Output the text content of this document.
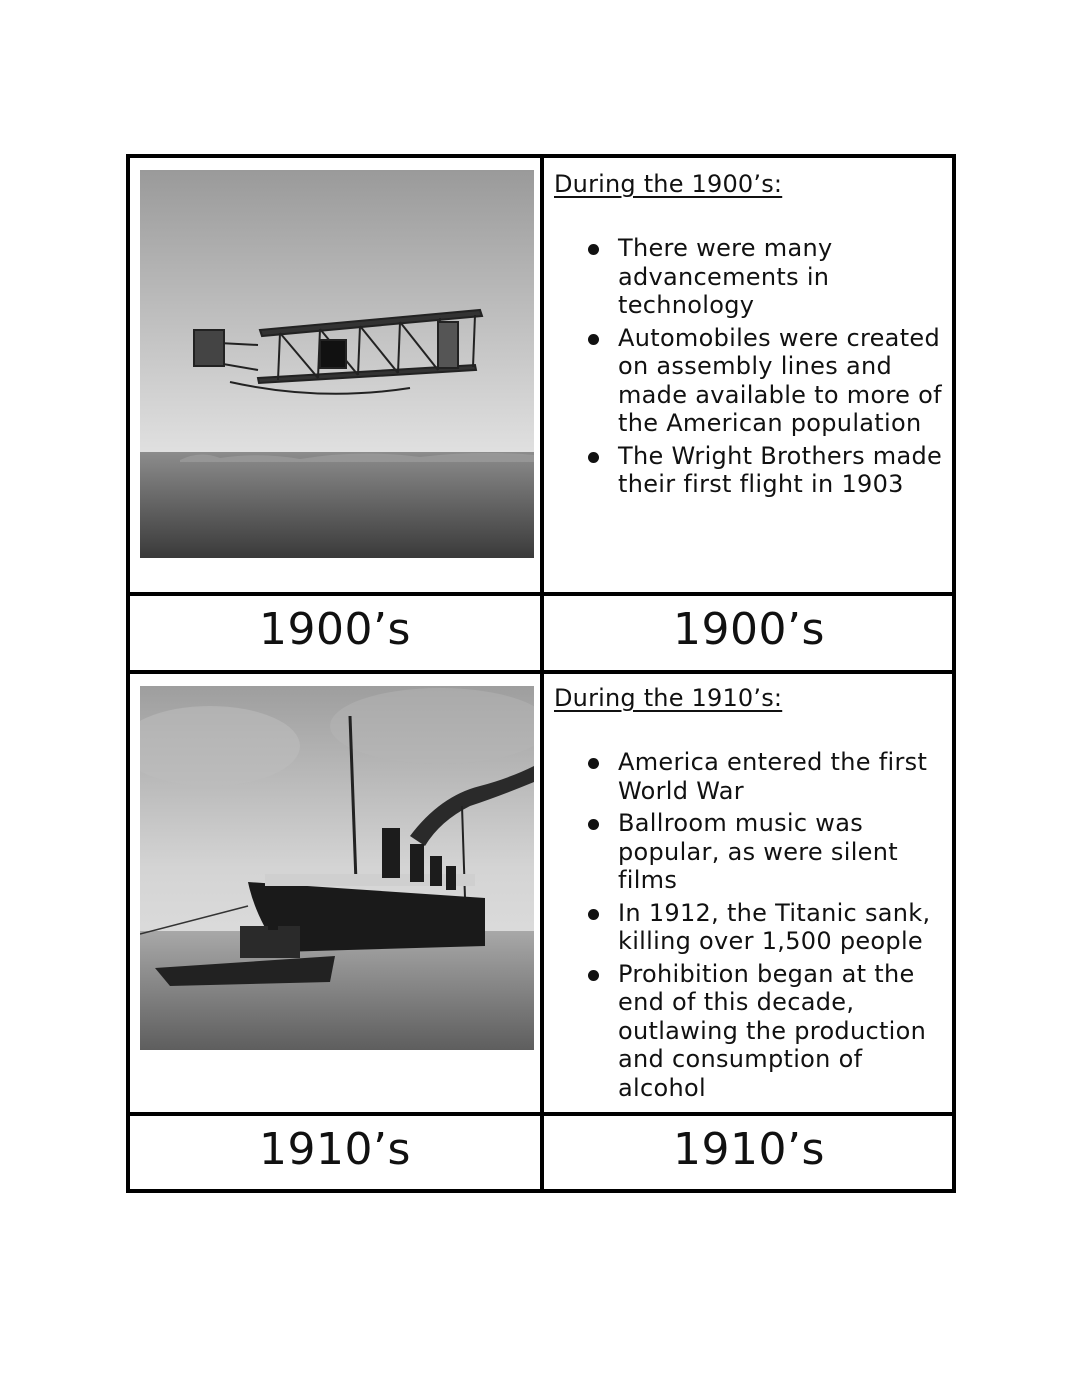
During the 1900’s:
There were many advancements in technology
Automobiles were created on assembly lines and made available to more of the American population
The Wright Brothers made their first flight in 1903
1900’s	1900’s
During the 1910’s:
America entered the first World War
Ballroom music was popular, as were silent films
In 1912, the Titanic sank, killing over 1,500 people
Prohibition began at the end of this decade, outlawing the production and consumption of alcohol
1910’s	1910’s
